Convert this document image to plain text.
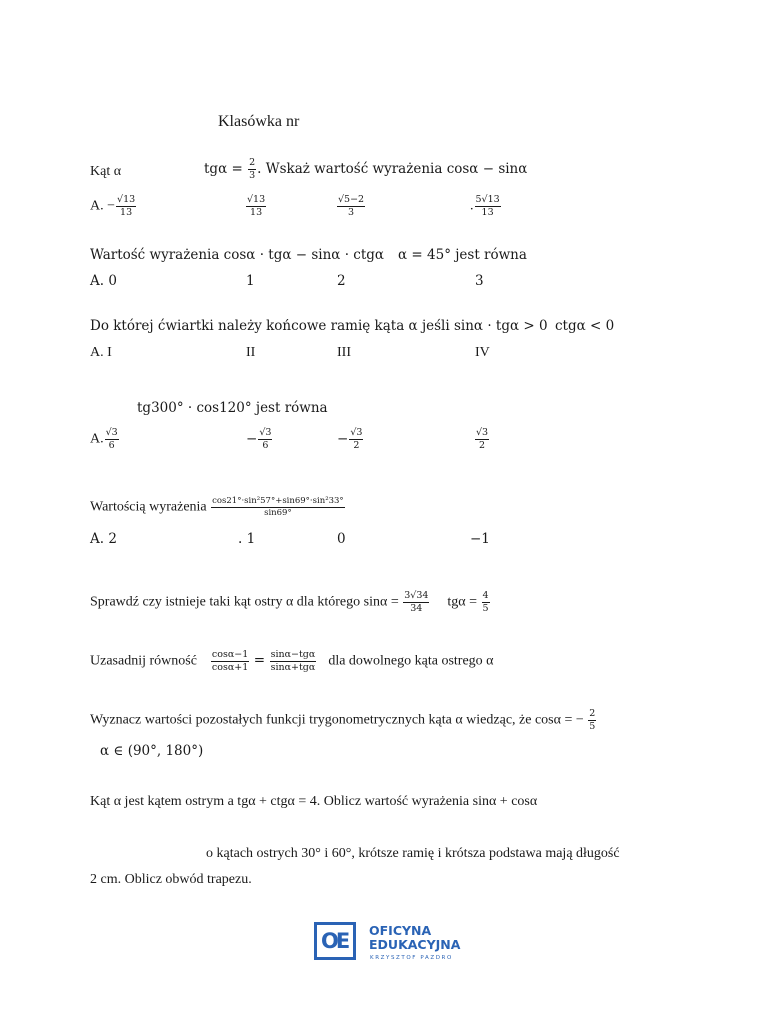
Klasówka nr
Kąt α	$tg\alpha = \frac{2}{3}$ . Wskaż wartość wyrażenia cosα − sinα
A. − $\frac{√13}{13}$	$\frac{√13}{13}$	$\frac{√5-2}{3}$	. $\frac{5√13}{13}$
Wartość wyrażenia cosα · tgα − sinα · ctgα α = 45° jest równa
A. 0	1	2	3
Do której ćwiartki należy końcowe ramię kąta α jeśli sinα · tgα > 0 ctgα < 0
A. I	II	III	IV
tg300° · cos120° jest równa
A. $\frac{√3}{6}$	− $\frac{√3}{6}$	− $\frac{√3}{2}$	$\frac{√3}{2}$
Wartością wyrażenia $\frac{\text{cos21°·sin²57°+sin69°·sin²33°}}{\sin 69^\circ}$
A. 2	. 1	0	−1
Sprawdź czy istnieje taki kąt ostry α dla którego $\sin\alpha = \frac{3√34}{34}$ $tg\alpha = \frac{4}{5}$
Uzasadnij równość $\frac{\cos\alpha-1}{\cos\alpha+1} = \frac{\text{sinα−tgα}}{\text{sinα+tgα}}$ dla dowolnego kąta ostrego α
Wyznacz wartości pozostałych funkcji trygonometrycznych kąta α wiedząc, że cosα = − $\frac{2}{5}$
α ∈ (90°, 180°)
Kąt α jest kątem ostrym a tgα + ctgα = 4. Oblicz wartość wyrażenia sinα + cosα
o kątach ostrych 30° i 60°, krótsze ramię i krótsza podstawa mają długość
2 cm. Oblicz obwód trapezu.
OE OFICYNA
EDUKACYJNA
KRZYSZTOF PAZDRO
